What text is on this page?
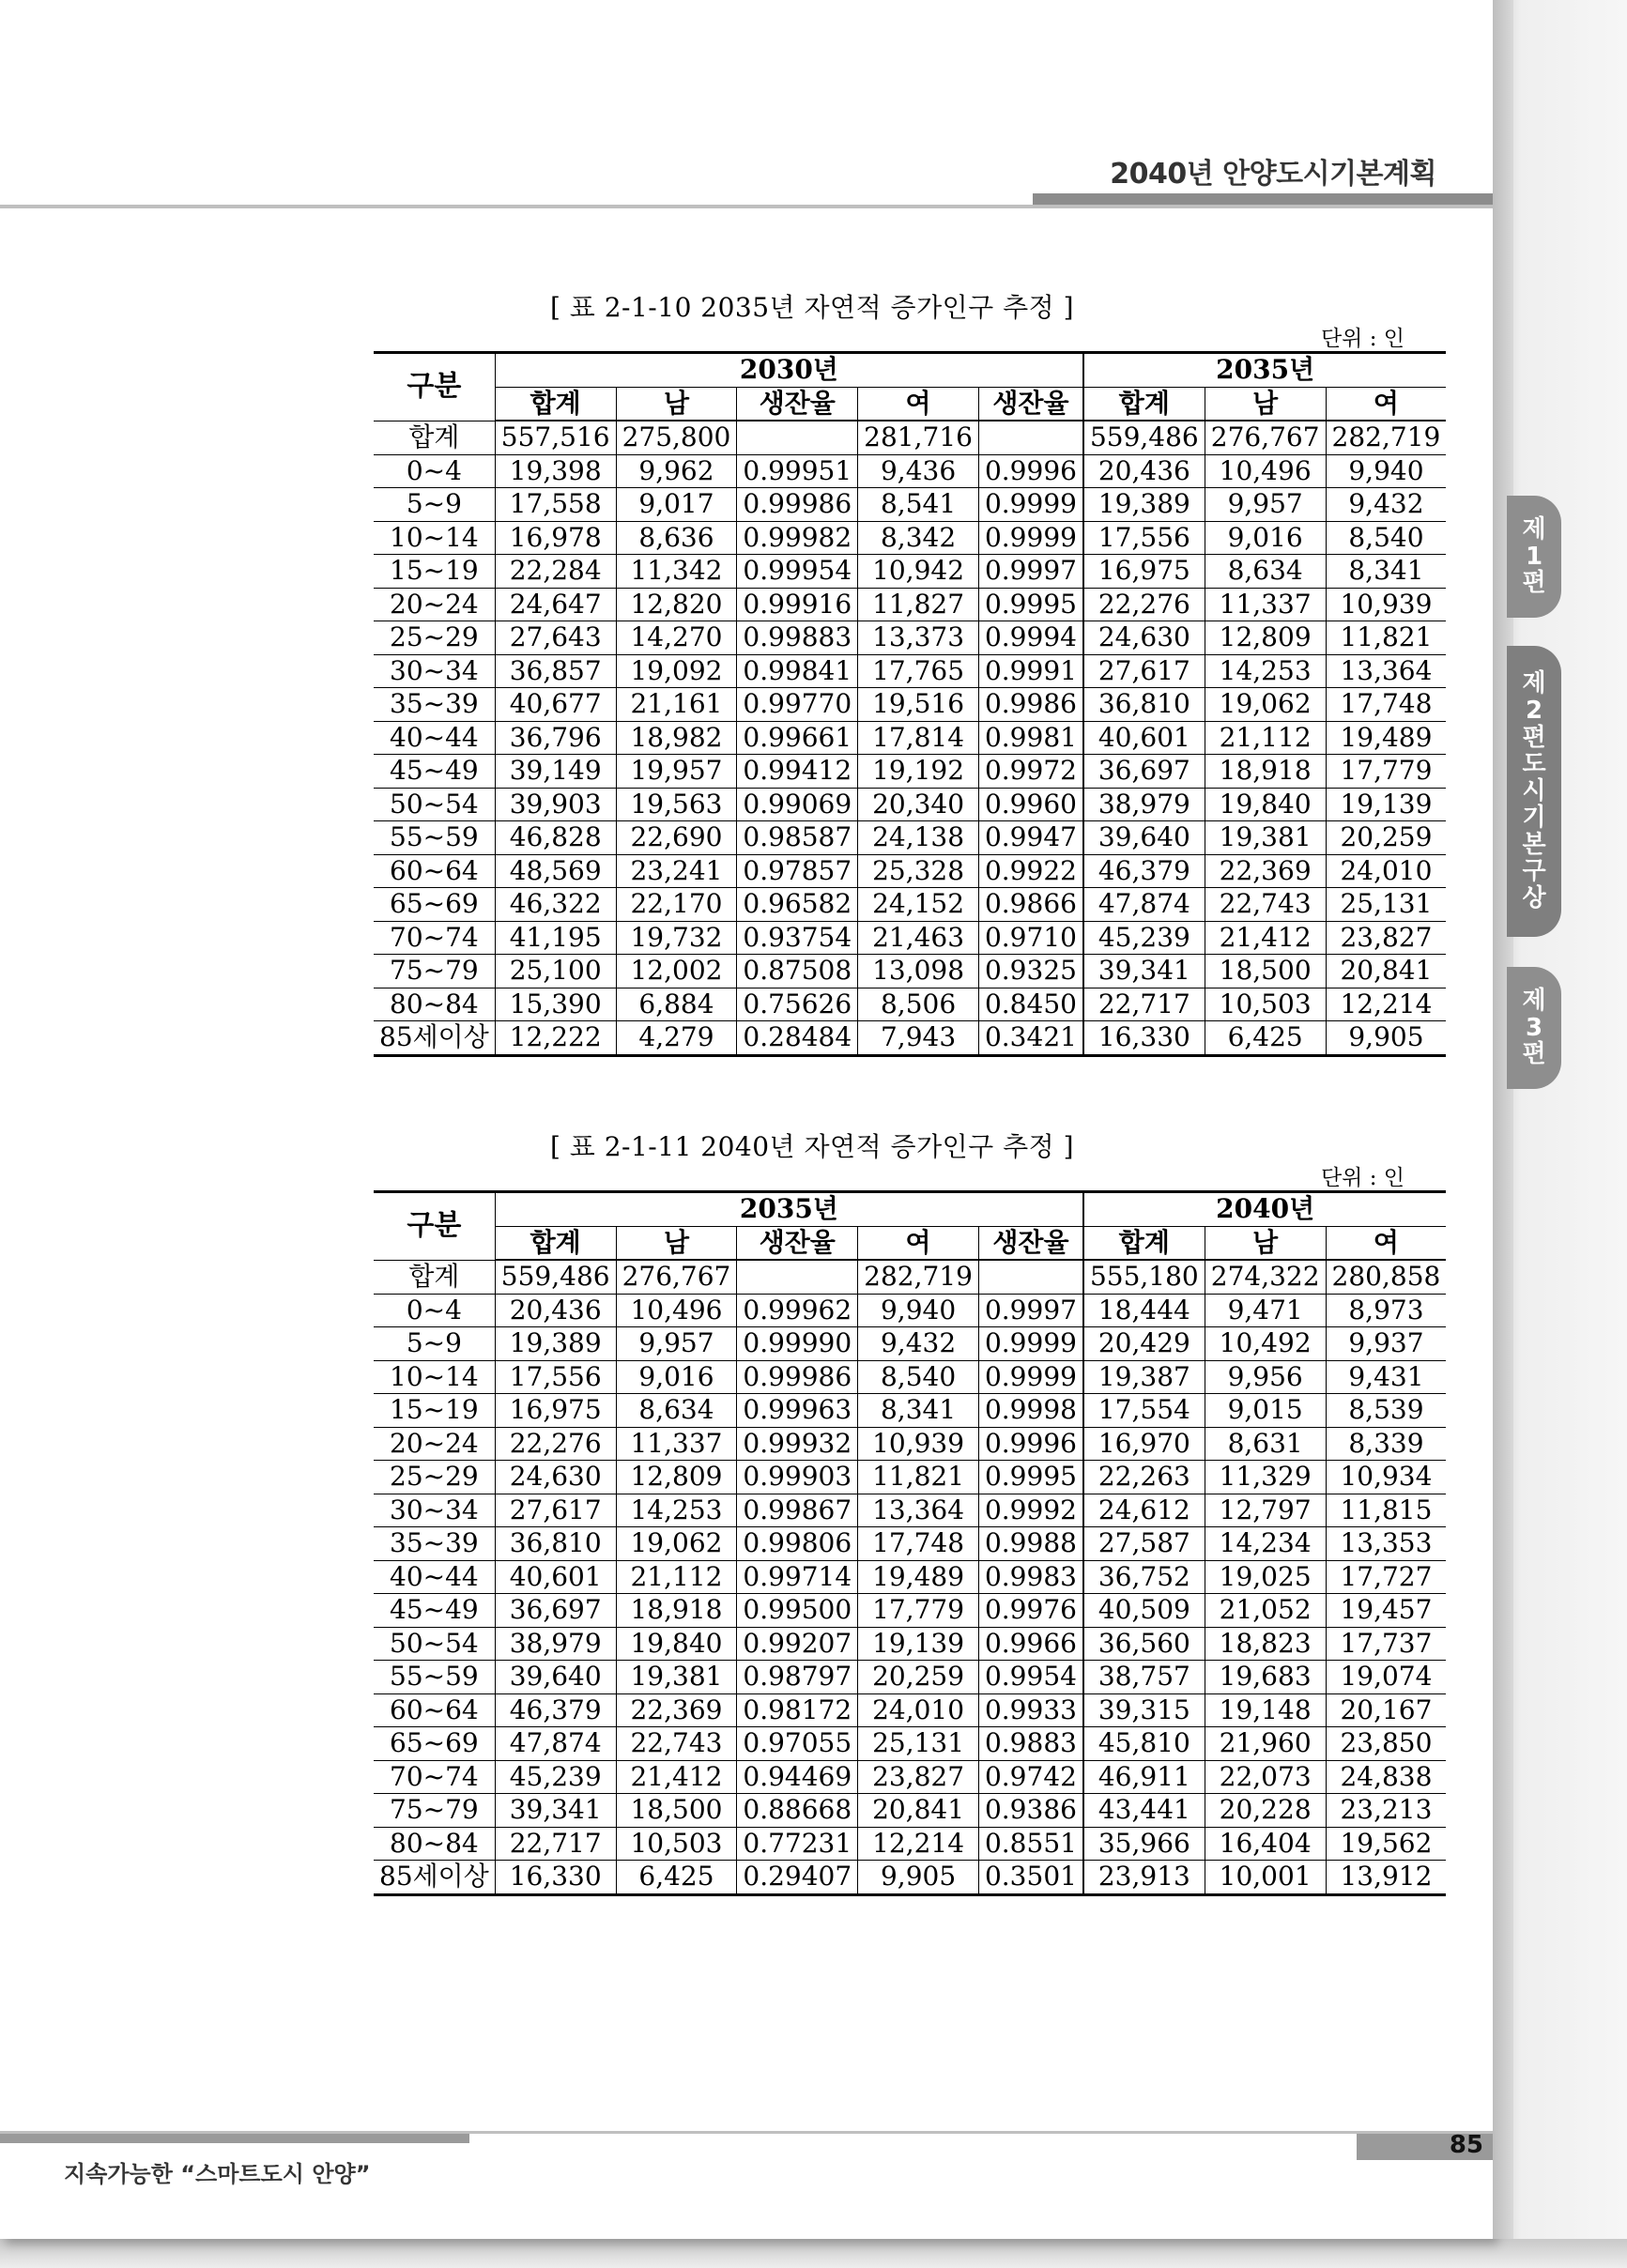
2040년 안양도시기본계획
[ 표 2-1-10 2035년 자연적 증가인구 추정 ]
단위 : 인
구분	2030년					2035년		
	합계	남	생잔율	여	생잔율	합계	남	여
합계	557,516	275,800		281,716		559,486	276,767	282,719
0~4	19,398	9,962	0.99951	9,436	0.9996	20,436	10,496	9,940
5~9	17,558	9,017	0.99986	8,541	0.9999	19,389	9,957	9,432
10~14	16,978	8,636	0.99982	8,342	0.9999	17,556	9,016	8,540
15~19	22,284	11,342	0.99954	10,942	0.9997	16,975	8,634	8,341
20~24	24,647	12,820	0.99916	11,827	0.9995	22,276	11,337	10,939
25~29	27,643	14,270	0.99883	13,373	0.9994	24,630	12,809	11,821
30~34	36,857	19,092	0.99841	17,765	0.9991	27,617	14,253	13,364
35~39	40,677	21,161	0.99770	19,516	0.9986	36,810	19,062	17,748
40~44	36,796	18,982	0.99661	17,814	0.9981	40,601	21,112	19,489
45~49	39,149	19,957	0.99412	19,192	0.9972	36,697	18,918	17,779
50~54	39,903	19,563	0.99069	20,340	0.9960	38,979	19,840	19,139
55~59	46,828	22,690	0.98587	24,138	0.9947	39,640	19,381	20,259
60~64	48,569	23,241	0.97857	25,328	0.9922	46,379	22,369	24,010
65~69	46,322	22,170	0.96582	24,152	0.9866	47,874	22,743	25,131
70~74	41,195	19,732	0.93754	21,463	0.9710	45,239	21,412	23,827
75~79	25,100	12,002	0.87508	13,098	0.9325	39,341	18,500	20,841
80~84	15,390	6,884	0.75626	8,506	0.8450	22,717	10,503	12,214
85세이상	12,222	4,279	0.28484	7,943	0.3421	16,330	6,425	9,905
[ 표 2-1-11 2040년 자연적 증가인구 추정 ]
단위 : 인
구분	2035년					2040년		
	합계	남	생잔율	여	생잔율	합계	남	여
합계	559,486	276,767		282,719		555,180	274,322	280,858
0~4	20,436	10,496	0.99962	9,940	0.9997	18,444	9,471	8,973
5~9	19,389	9,957	0.99990	9,432	0.9999	20,429	10,492	9,937
10~14	17,556	9,016	0.99986	8,540	0.9999	19,387	9,956	9,431
15~19	16,975	8,634	0.99963	8,341	0.9998	17,554	9,015	8,539
20~24	22,276	11,337	0.99932	10,939	0.9996	16,970	8,631	8,339
25~29	24,630	12,809	0.99903	11,821	0.9995	22,263	11,329	10,934
30~34	27,617	14,253	0.99867	13,364	0.9992	24,612	12,797	11,815
35~39	36,810	19,062	0.99806	17,748	0.9988	27,587	14,234	13,353
40~44	40,601	21,112	0.99714	19,489	0.9983	36,752	19,025	17,727
45~49	36,697	18,918	0.99500	17,779	0.9976	40,509	21,052	19,457
50~54	38,979	19,840	0.99207	19,139	0.9966	36,560	18,823	17,737
55~59	39,640	19,381	0.98797	20,259	0.9954	38,757	19,683	19,074
60~64	46,379	22,369	0.98172	24,010	0.9933	39,315	19,148	20,167
65~69	47,874	22,743	0.97055	25,131	0.9883	45,810	21,960	23,850
70~74	45,239	21,412	0.94469	23,827	0.9742	46,911	22,073	24,838
75~79	39,341	18,500	0.88668	20,841	0.9386	43,441	20,228	23,213
80~84	22,717	10,503	0.77231	12,214	0.8551	35,966	16,404	19,562
85세이상	16,330	6,425	0.29407	9,905	0.3501	23,913	10,001	13,912
85
지속가능한 “스마트도시 안양”
제
1
편
제
2
편
도
시
기
본
구
상
제
3
편
